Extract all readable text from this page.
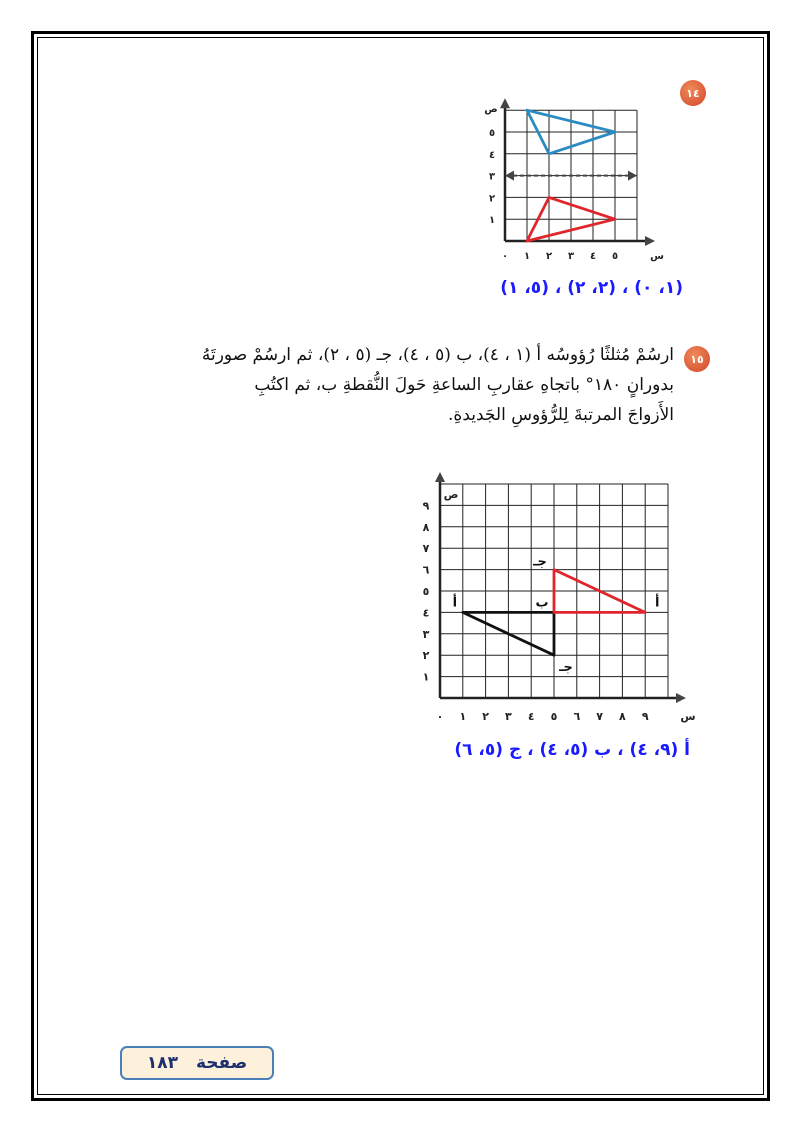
١٤
٠ ١ ٢ ٣ ٤ ٥
١
٢
٣
٤
٥
س
ص
(١، ٠) ، (٢، ٢) ، (٥، ١)
١٥
ارسُمْ مُثلثًا رُؤوسُه أ (١ ، ٤)، ب (٥ ، ٤)، جـ (٥ ، ٢)، ثم ارسُمْ صورتَهُ
بدورانٍ ١٨٠° باتجاهِ عقاربِ الساعةِ حَولَ النُّقطةِ ب، ثم اكتُبِ
الأَزواجَ المرتبةَ لِلرُّؤوسِ الجَديدةِ.
٠ ١ ٢ ٣ ٤ ٥ ٦ ٧ ٨ ٩
١
٢
٣
٤
٥
٦
٧
٨
٩
س
ص
أ	ب
جـ
أ
جـ
أ (٩، ٤) ، ب (٥، ٤) ، ج (٥، ٦)
صفحة
١٨٣
